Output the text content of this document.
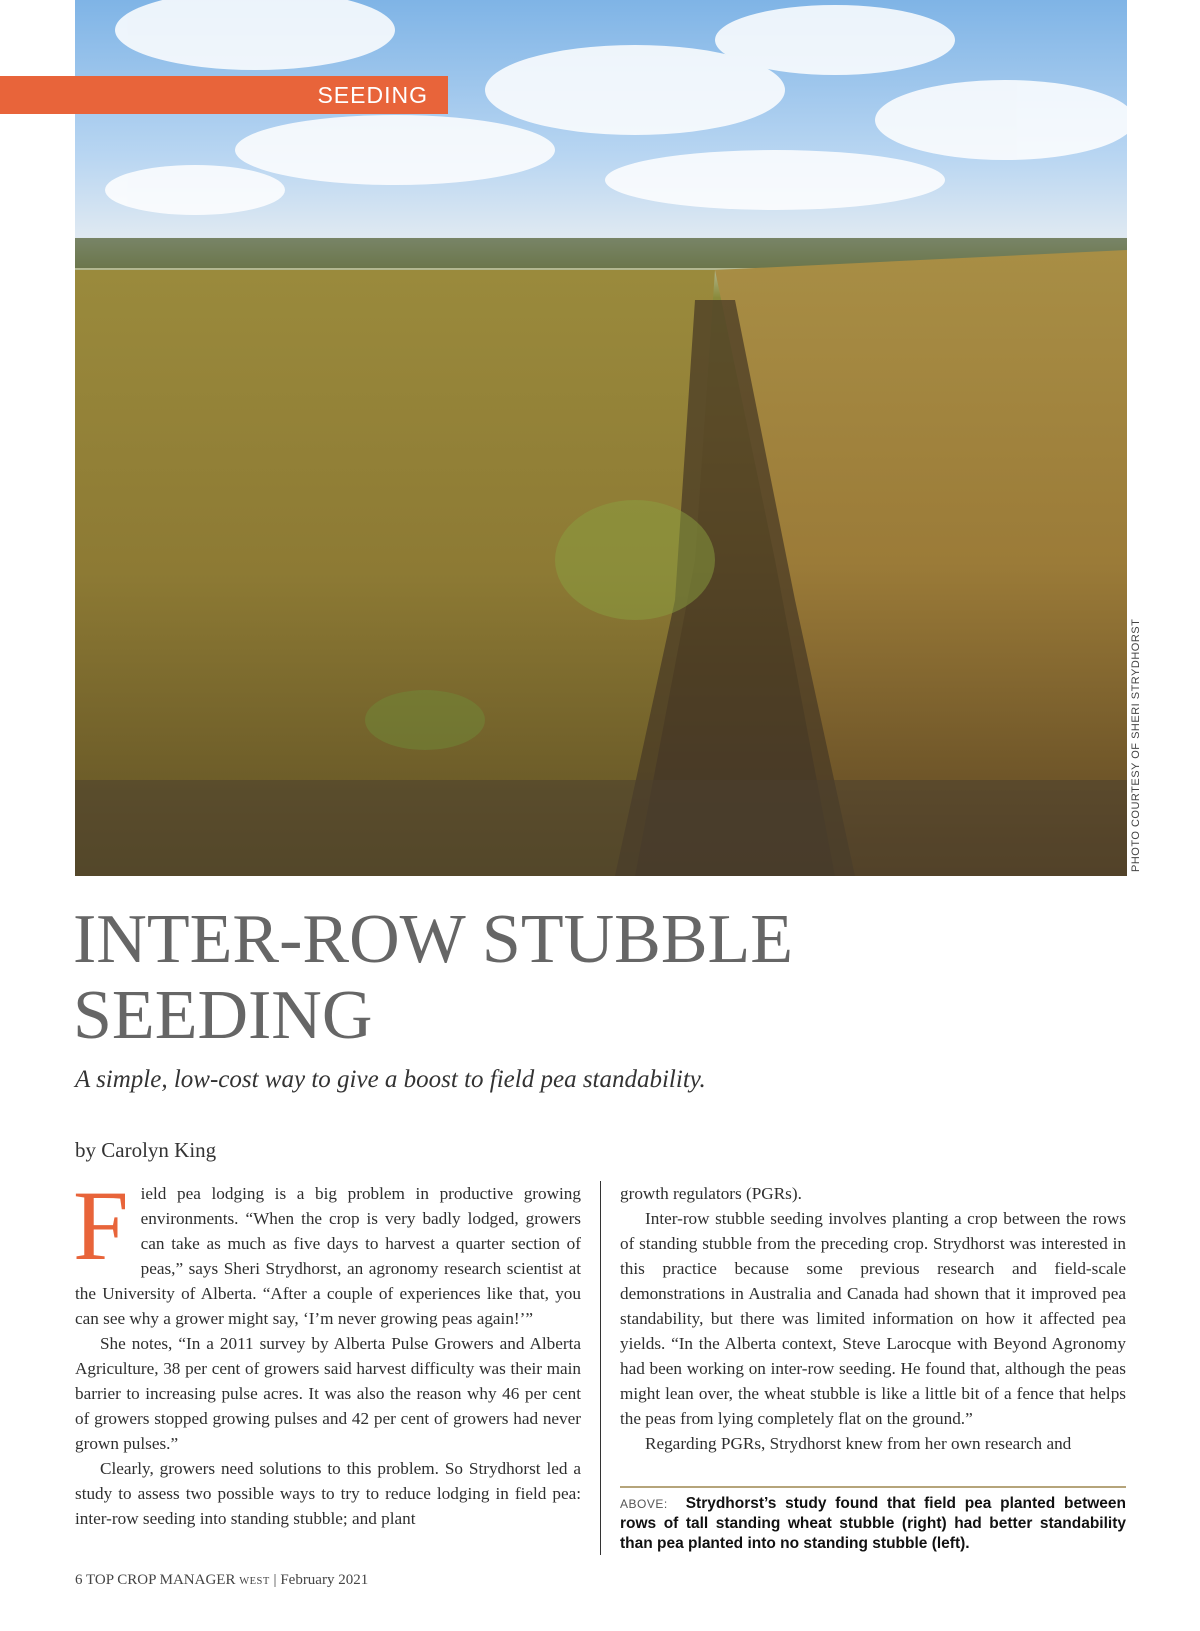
SEEDING
PHOTO COURTESY OF SHERI STRYDHORST
INTER-ROW STUBBLE
SEEDING
A simple, low-cost way to give a boost to field pea standability.
by Carolyn King

Field pea lodging is a big problem in productive growing environments. “When the crop is very badly lodged, growers can take as much as five days to harvest a quarter section of peas,” says Sheri Strydhorst, an agronomy research scientist at the University of Alberta. “After a couple of experiences like that, you can see why a grower might say, ‘I’m never growing peas again!’”

She notes, “In a 2011 survey by Alberta Pulse Growers and Alberta Agriculture, 38 per cent of growers said harvest difficulty was their main barrier to increasing pulse acres. It was also the reason why 46 per cent of growers stopped growing pulses and 42 per cent of growers had never grown pulses.”

Clearly, growers need solutions to this problem. So Strydhorst led a study to assess two possible ways to try to reduce lodging in field pea: inter-row seeding into standing stubble; and plant

growth regulators (PGRs).

Inter-row stubble seeding involves planting a crop between the rows of standing stubble from the preceding crop. Strydhorst was interested in this practice because some previous research and field-scale demonstrations in Australia and Canada had shown that it improved pea standability, but there was limited information on how it affected pea yields. “In the Alberta context, Steve Larocque with Beyond Agronomy had been working on inter-row seeding. He found that, although the peas might lean over, the wheat stubble is like a little bit of a fence that helps the peas from lying completely flat on the ground.”

Regarding PGRs, Strydhorst knew from her own research and

ABOVE: Strydhorst’s study found that field pea planted between rows of tall standing wheat stubble (right) had better standability than pea planted into no standing stubble (left).
6 TOP CROP MANAGER WEST | February 2021
